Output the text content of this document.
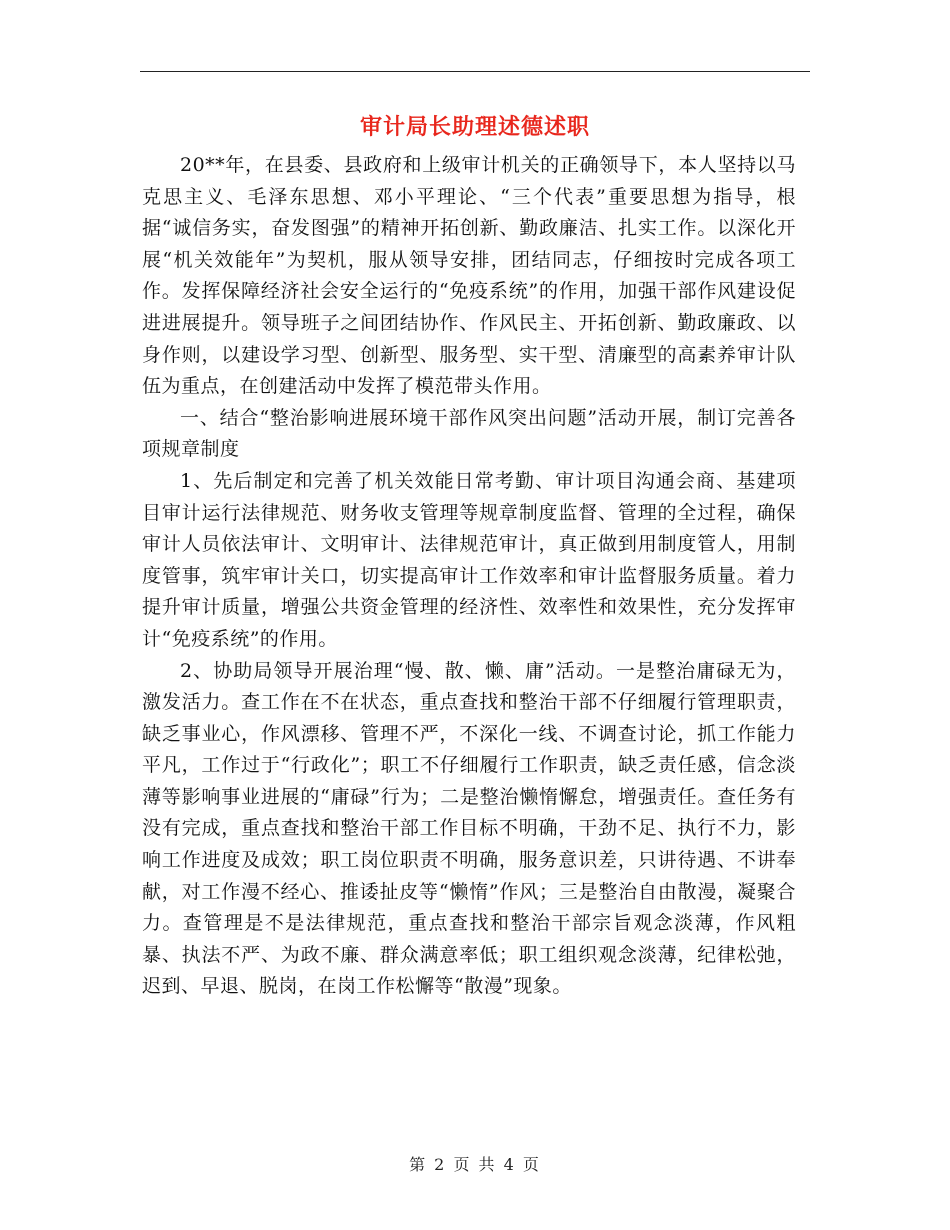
审计局长助理述德述职

20**年，在县委、县政府和上级审计机关的正确领导下，本人坚持以马克思主义、毛泽东思想、邓小平理论、“三个代表”重要思想为指导，根据“诚信务实，奋发图强”的精神开拓创新、勤政廉洁、扎实工作。以深化开展“机关效能年”为契机，服从领导安排，团结同志，仔细按时完成各项工作。发挥保障经济社会安全运行的“免疫系统”的作用，加强干部作风建设促进进展提升。领导班子之间团结协作、作风民主、开拓创新、勤政廉政、以身作则，以建设学习型、创新型、服务型、实干型、清廉型的高素养审计队伍为重点，在创建活动中发挥了模范带头作用。

一、结合“整治影响进展环境干部作风突出问题”活动开展，制订完善各项规章制度

1、先后制定和完善了机关效能日常考勤、审计项目沟通会商、基建项目审计运行法律规范、财务收支管理等规章制度监督、管理的全过程，确保审计人员依法审计、文明审计、法律规范审计，真正做到用制度管人，用制度管事，筑牢审计关口，切实提高审计工作效率和审计监督服务质量。着力提升审计质量，增强公共资金管理的经济性、效率性和效果性，充分发挥审计“免疫系统”的作用。

2、协助局领导开展治理“慢、散、懒、庸”活动。一是整治庸碌无为，激发活力。查工作在不在状态，重点查找和整治干部不仔细履行管理职责，缺乏事业心，作风漂移、管理不严，不深化一线、不调查讨论，抓工作能力平凡，工作过于“行政化”；职工不仔细履行工作职责，缺乏责任感，信念淡薄等影响事业进展的“庸碌”行为；二是整治懒惰懈怠，增强责任。查任务有没有完成，重点查找和整治干部工作目标不明确，干劲不足、执行不力，影响工作进度及成效；职工岗位职责不明确，服务意识差，只讲待遇、不讲奉献，对工作漫不经心、推诿扯皮等“懒惰”作风；三是整治自由散漫，凝聚合力。查管理是不是法律规范，重点查找和整治干部宗旨观念淡薄，作风粗暴、执法不严、为政不廉、群众满意率低；职工组织观念淡薄，纪律松弛，迟到、早退、脱岗，在岗工作松懈等“散漫”现象。

第 2 页 共 4 页
